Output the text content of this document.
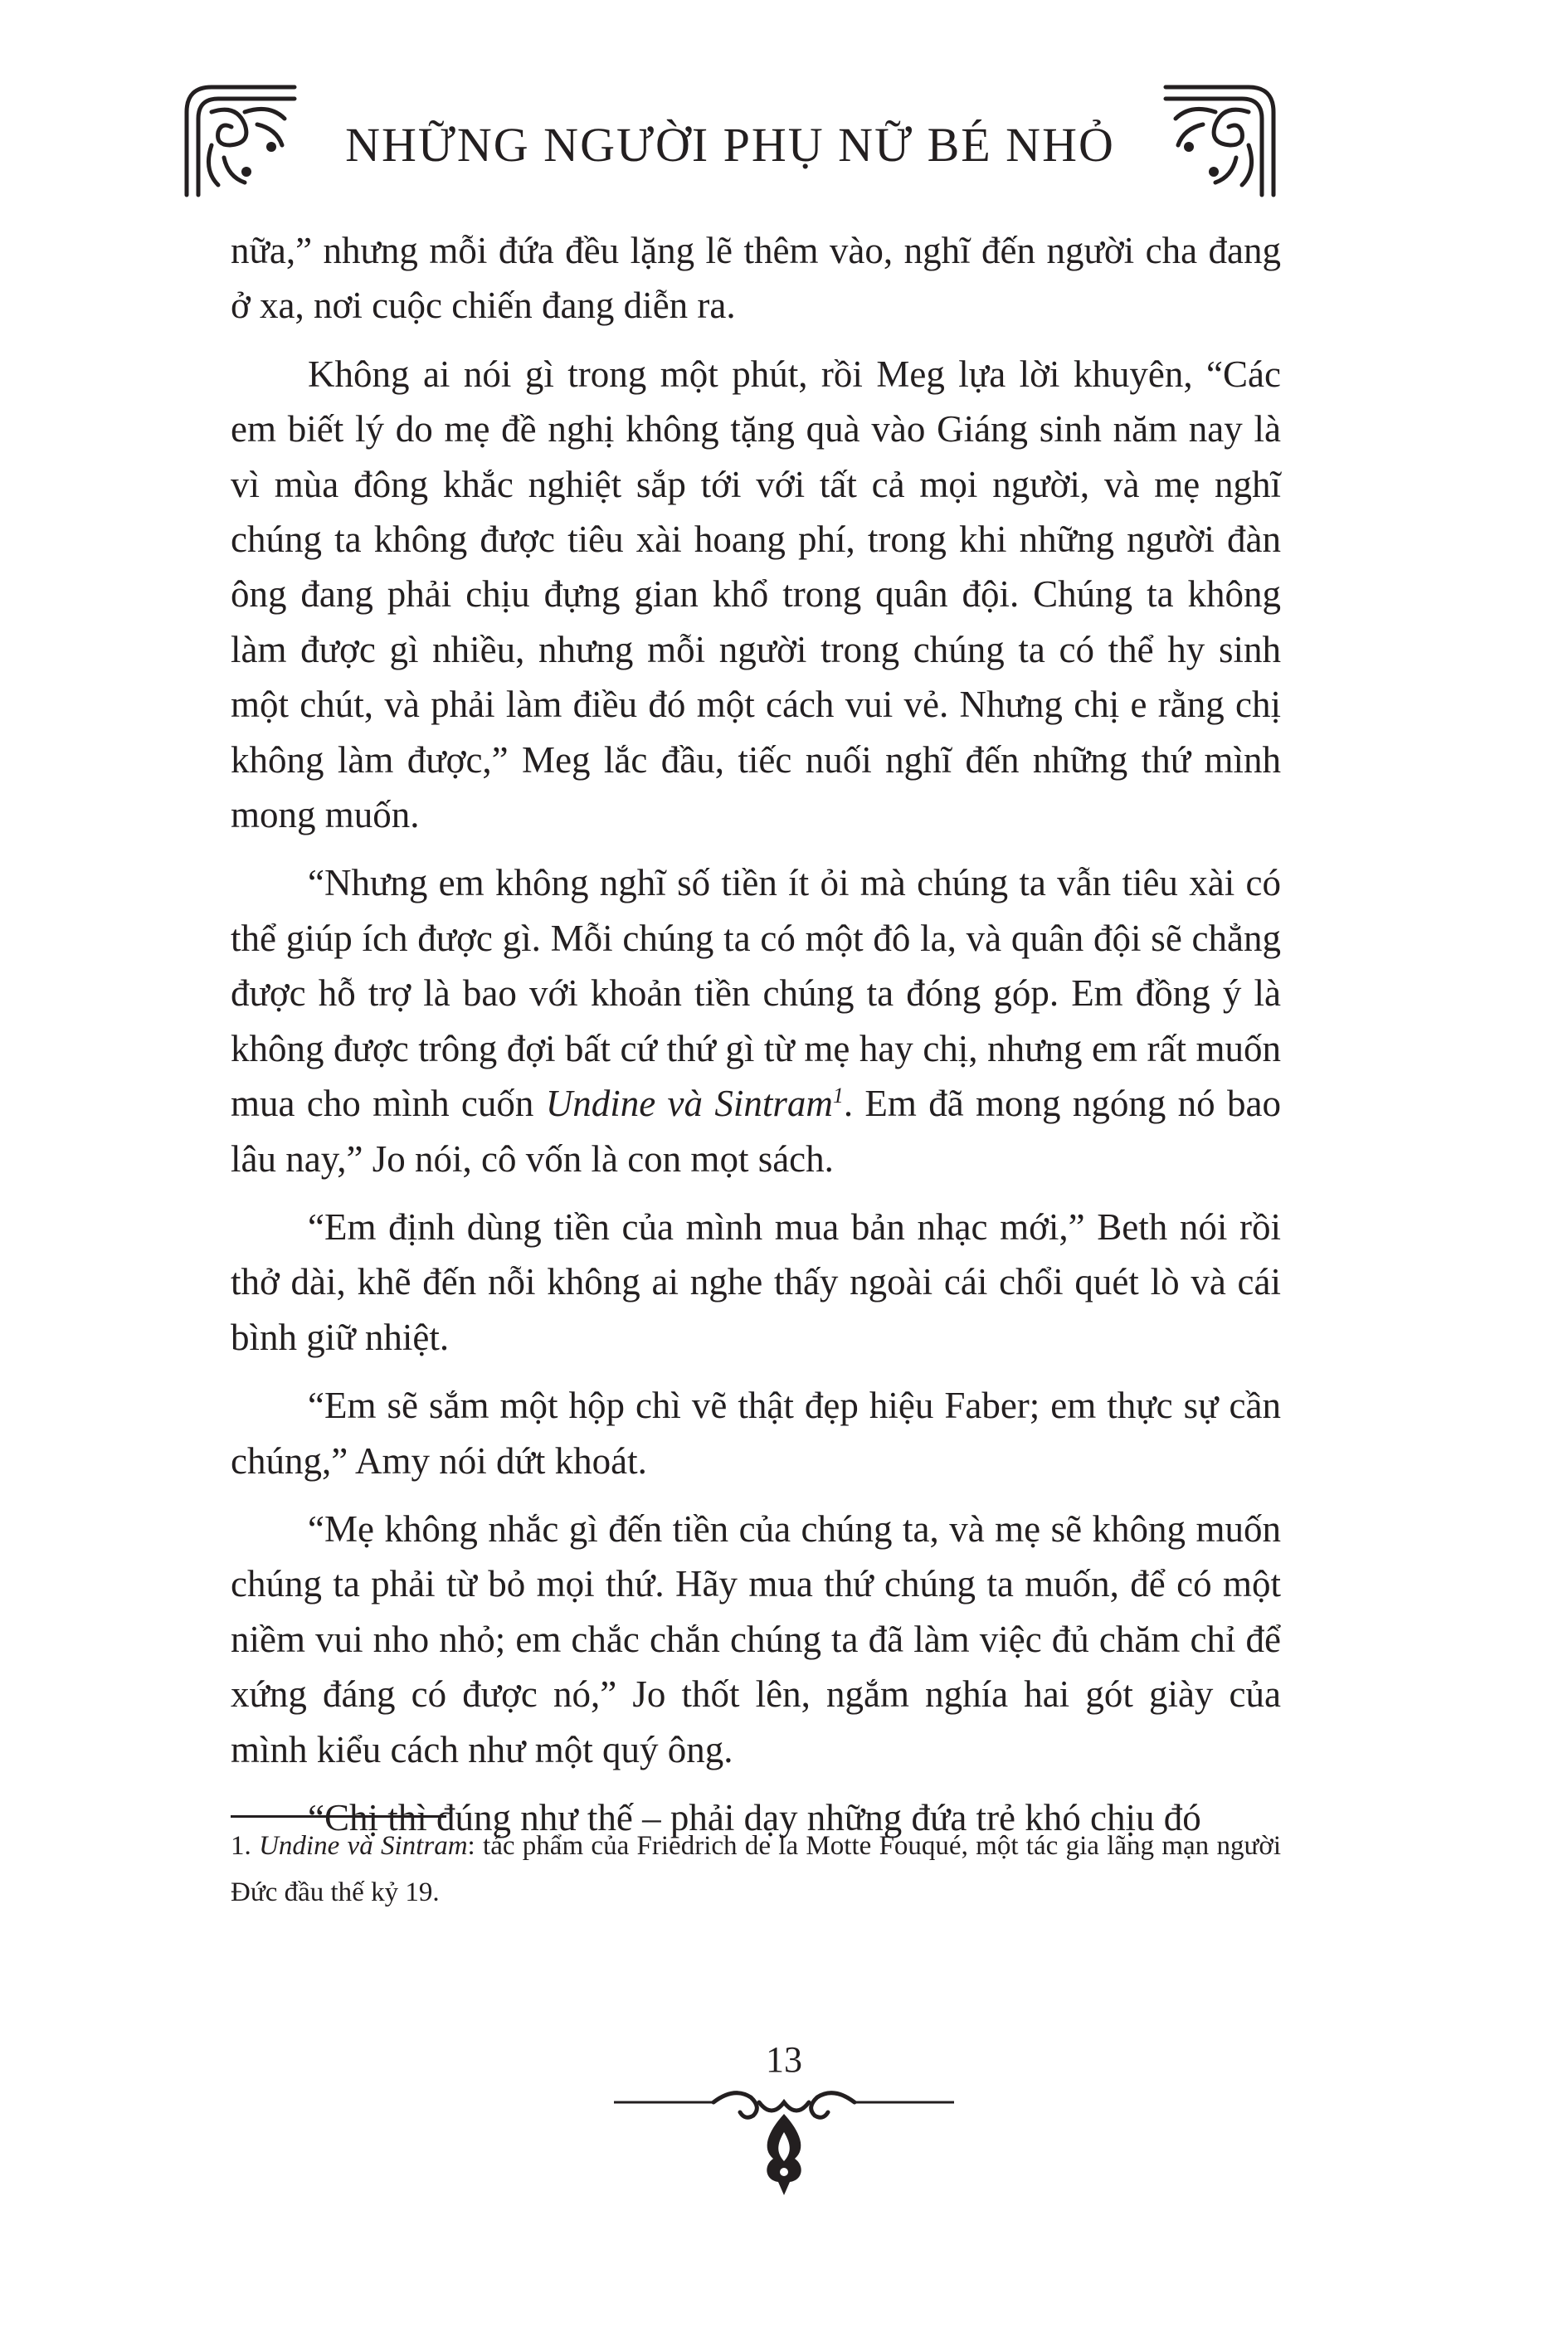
NHỮNG NGƯỜI PHỤ NỮ BÉ NHỎ

nữa,” nhưng mỗi đứa đều lặng lẽ thêm vào, nghĩ đến người cha đang ở xa, nơi cuộc chiến đang diễn ra.

Không ai nói gì trong một phút, rồi Meg lựa lời khuyên, “Các em biết lý do mẹ đề nghị không tặng quà vào Giáng sinh năm nay là vì mùa đông khắc nghiệt sắp tới với tất cả mọi người, và mẹ nghĩ chúng ta không được tiêu xài hoang phí, trong khi những người đàn ông đang phải chịu đựng gian khổ trong quân đội. Chúng ta không làm được gì nhiều, nhưng mỗi người trong chúng ta có thể hy sinh một chút, và phải làm điều đó một cách vui vẻ. Nhưng chị e rằng chị không làm được,” Meg lắc đầu, tiếc nuối nghĩ đến những thứ mình mong muốn.

“Nhưng em không nghĩ số tiền ít ỏi mà chúng ta vẫn tiêu xài có thể giúp ích được gì. Mỗi chúng ta có một đô la, và quân đội sẽ chẳng được hỗ trợ là bao với khoản tiền chúng ta đóng góp. Em đồng ý là không được trông đợi bất cứ thứ gì từ mẹ hay chị, nhưng em rất muốn mua cho mình cuốn Undine và Sintram$^1$. Em đã mong ngóng nó bao lâu nay,” Jo nói, cô vốn là con mọt sách.

“Em định dùng tiền của mình mua bản nhạc mới,” Beth nói rồi thở dài, khẽ đến nỗi không ai nghe thấy ngoài cái chổi quét lò và cái bình giữ nhiệt.

“Em sẽ sắm một hộp chì vẽ thật đẹp hiệu Faber; em thực sự cần chúng,” Amy nói dứt khoát.

“Mẹ không nhắc gì đến tiền của chúng ta, và mẹ sẽ không muốn chúng ta phải từ bỏ mọi thứ. Hãy mua thứ chúng ta muốn, để có một niềm vui nho nhỏ; em chắc chắn chúng ta đã làm việc đủ chăm chỉ để xứng đáng có được nó,” Jo thốt lên, ngắm nghía hai gót giày của mình kiểu cách như một quý ông.

“Chị thì đúng như thế – phải dạy những đứa trẻ khó chịu đó

1. Undine và Sintram: tác phẩm của Friedrich de la Motte Fouqué, một tác gia lãng mạn người Đức đầu thế kỷ 19.
13
